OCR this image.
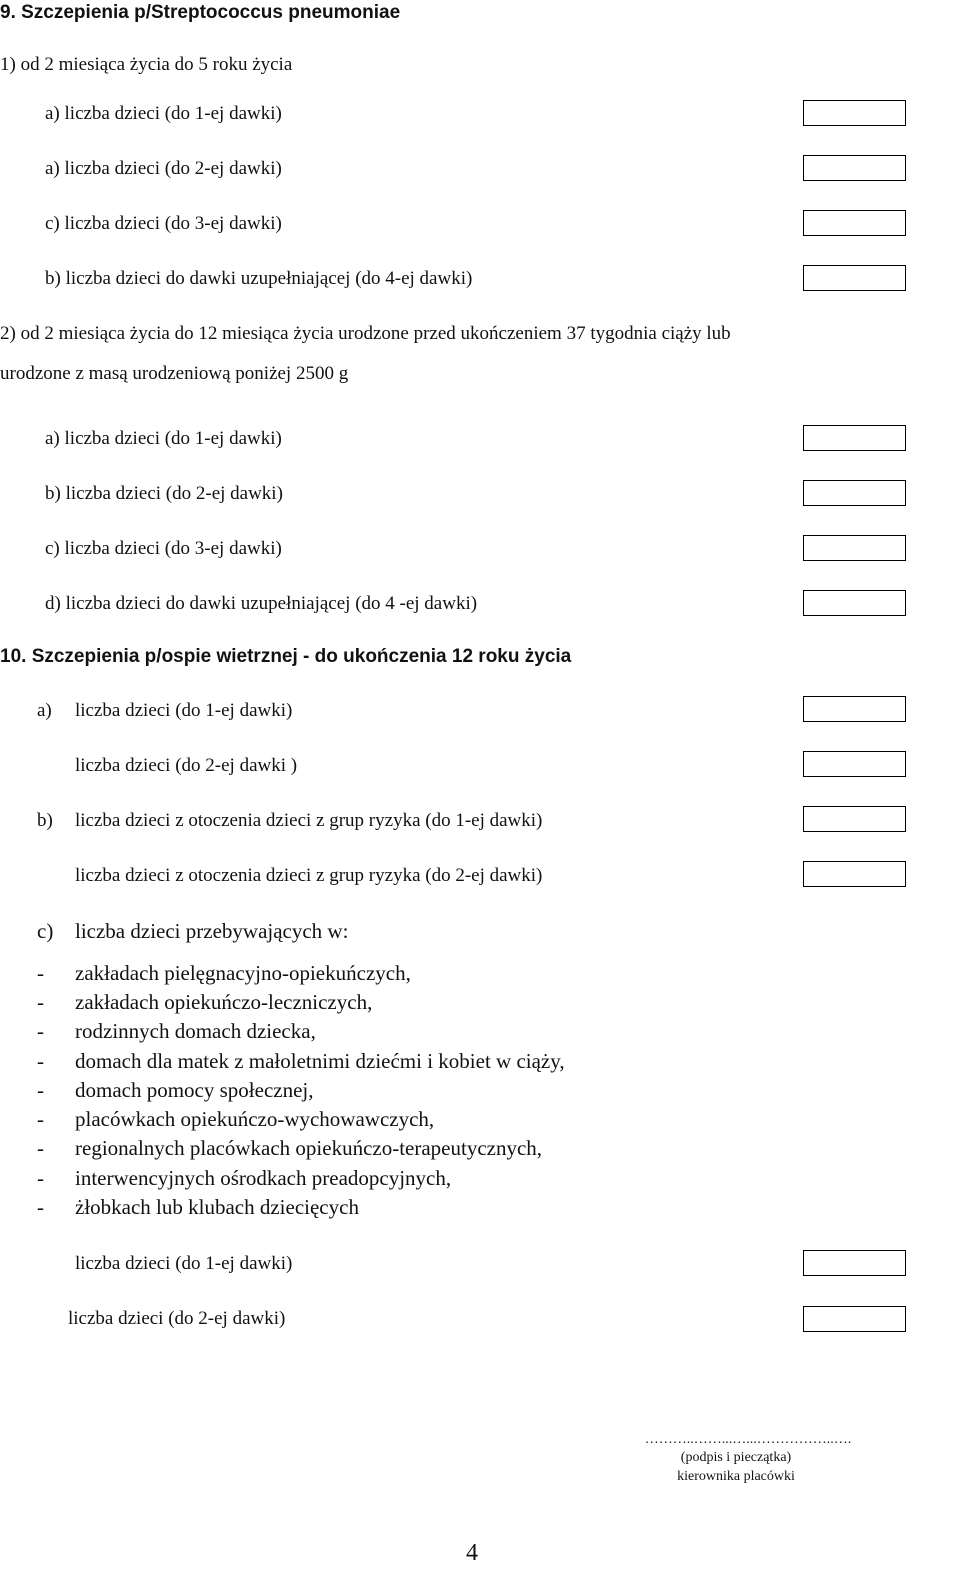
9. Szczepienia p/Streptococcus pneumoniae
1) od 2 miesiąca życia do 5 roku życia
a) liczba dzieci (do 1-ej dawki)
a) liczba dzieci (do 2-ej dawki)
c) liczba dzieci (do 3-ej dawki)
b) liczba dzieci do dawki uzupełniającej (do 4-ej dawki)
2) od 2 miesiąca życia do 12 miesiąca życia urodzone przed ukończeniem 37 tygodnia ciąży lub
urodzone z masą urodzeniową poniżej 2500 g
a) liczba dzieci (do 1-ej dawki)
b) liczba dzieci (do 2-ej dawki)
c) liczba dzieci (do 3-ej dawki)
d) liczba dzieci do dawki uzupełniającej (do 4 -ej dawki)
10. Szczepienia p/ospie wietrznej - do ukończenia 12 roku życia
a) liczba dzieci (do 1-ej dawki)
liczba dzieci (do 2-ej dawki )
b) liczba dzieci z otoczenia dzieci z grup ryzyka (do 1-ej dawki)
liczba dzieci z otoczenia dzieci z grup ryzyka (do 2-ej dawki)
c) liczba dzieci przebywających w:
- zakładach pielęgnacyjno-opiekuńczych,
- zakładach opiekuńczo-leczniczych,
- rodzinnych domach dziecka,
- domach dla matek z małoletnimi dziećmi i kobiet w ciąży,
- domach pomocy społecznej,
- placówkach opiekuńczo-wychowawczych,
- regionalnych placówkach opiekuńczo-terapeutycznych,
- interwencyjnych ośrodkach preadopcyjnych,
- żłobkach lub klubach dziecięcych
liczba dzieci (do 1-ej dawki)
liczba dzieci (do 2-ej dawki)
………..……...…...……………..….
(podpis i pieczątka)
kierownika placówki
4
